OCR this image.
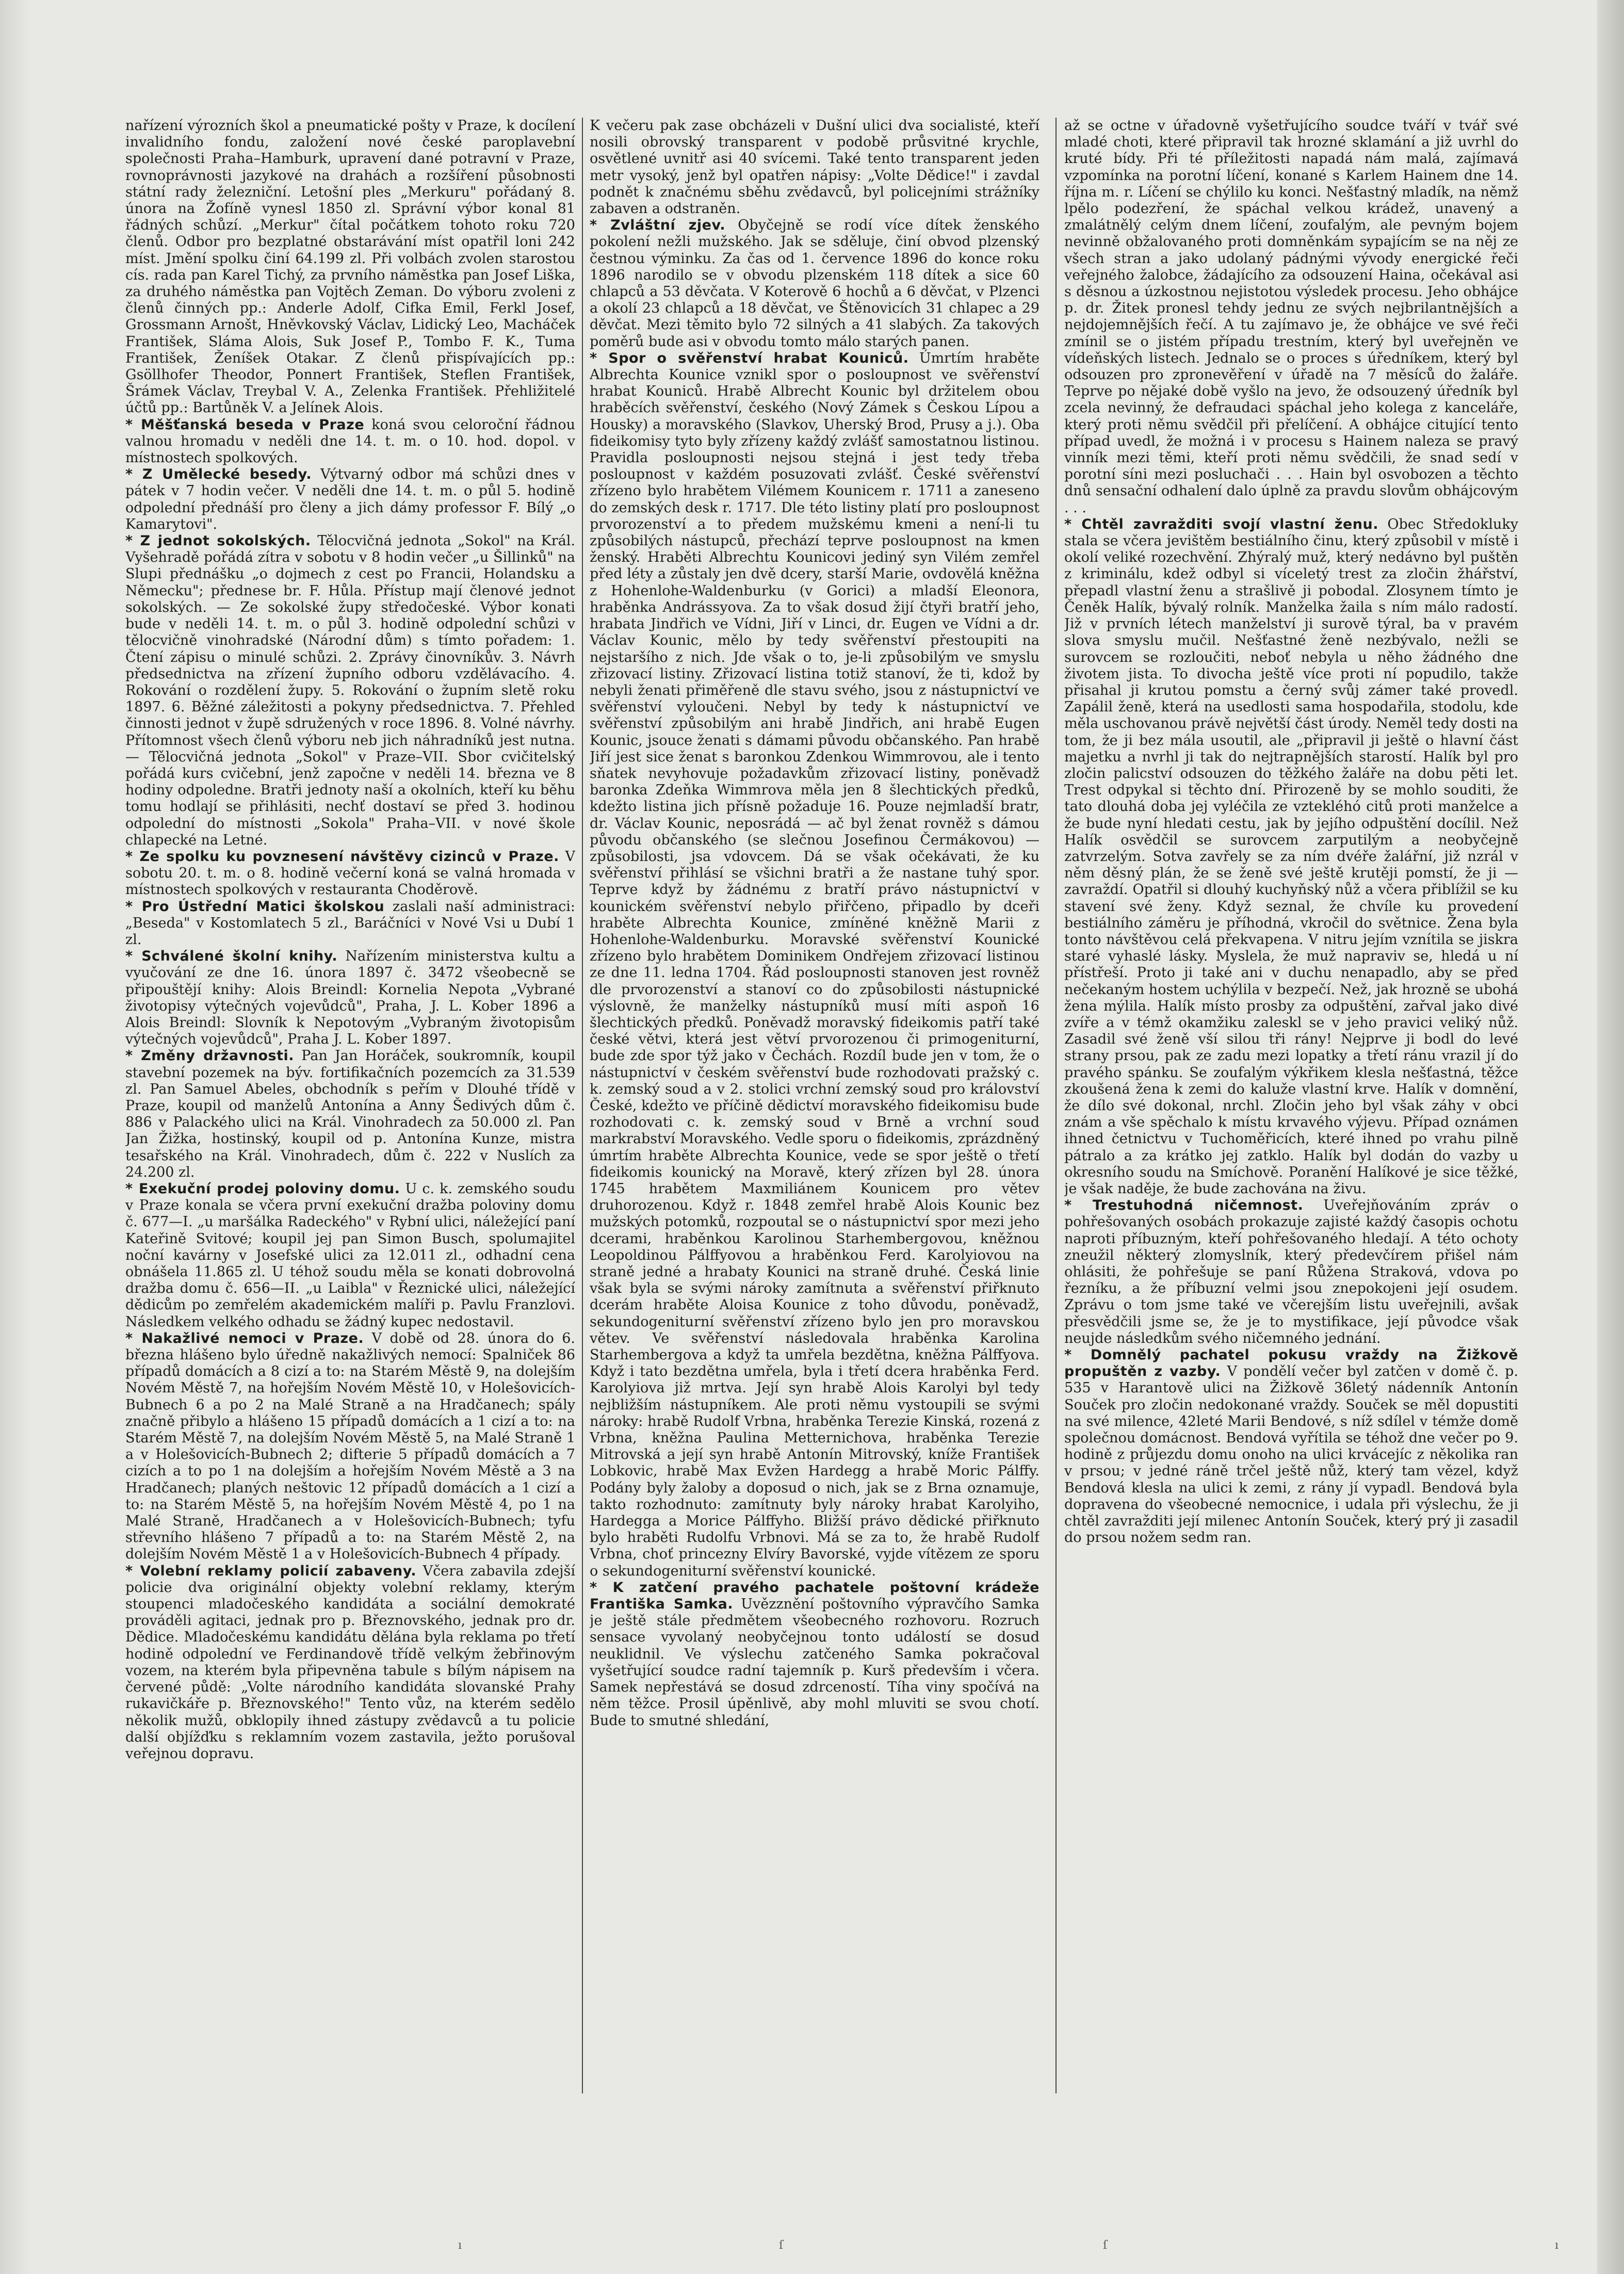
nařízení výrozních škol a pneumatické pošty v Praze, k docílení invalidního fondu, založení nové české paroplavební společnosti Praha–Hamburk, upravení dané potravní v Praze, rovnoprávnosti jazykové na drahách a rozšíření působnosti státní rady železniční. Letošní ples „Merkuru" pořádaný 8. února na Žofíně vynesl 1850 zl. Správní výbor konal 81 řádných schůzí. „Merkur" čítal počátkem tohoto roku 720 členů. Odbor pro bezplatné obstarávání míst opatřil loni 242 míst. Jmění spolku činí 64.199 zl. Při volbách zvolen starostou cís. rada pan Karel Tichý, za prvního náměstka pan Josef Liška, za druhého náměstka pan Vojtěch Zeman. Do výboru zvoleni z členů činných pp.: Anderle Adolf, Cifka Emil, Ferkl Josef, Grossmann Arnošt, Hněvkovský Václav, Lidický Leo, Macháček František, Sláma Alois, Suk Josef P., Tombo F. K., Tuma František, Ženíšek Otakar. Z členů přispívajících pp.: Gsöllhofer Theodor, Ponnert František, Steflen František, Šrámek Václav, Treybal V. A., Zelenka František. Přehližitelé účtů pp.: Bartůněk V. a Jelínek Alois.

* Měšťanská beseda v Praze koná svou celoroční řádnou valnou hromadu v neděli dne 14. t. m. o 10. hod. dopol. v místnostech spolkových.

* Z Umělecké besedy. Výtvarný odbor má schůzi dnes v pátek v 7 hodin večer. V neděli dne 14. t. m. o půl 5. hodině odpolední přednáší pro členy a jich dámy professor F. Bílý „o Kamarytovi".

* Z jednot sokolských. Tělocvičná jednota „Sokol" na Král. Vyšehradě pořádá zítra v sobotu v 8 hodin večer „u Šillinků" na Slupi přednášku „o dojmech z cest po Francii, Holandsku a Německu"; přednese br. F. Hůla. Přístup mají členové jednot sokolských. — Ze sokolské župy středočeské. Výbor konati bude v neděli 14. t. m. o půl 3. hodině odpolední schůzi v tělocvičně vinohradské (Národní dům) s tímto pořadem: 1. Čtení zápisu o minulé schůzi. 2. Zprávy činovníkův. 3. Návrh předsednictva na zřízení župního odboru vzdělávacího. 4. Rokování o rozdělení župy. 5. Rokování o župním sletě roku 1897. 6. Běžné záležitosti a pokyny předsednictva. 7. Přehled činnosti jednot v župě sdružených v roce 1896. 8. Volné návrhy. Přítomnost všech členů výboru neb jich náhradníků jest nutna. — Tělocvičná jednota „Sokol" v Praze–VII. Sbor cvičitelský pořádá kurs cvičební, jenž započne v neděli 14. března ve 8 hodiny odpoledne. Bratři jednoty naší a okolních, kteří ku běhu tomu hodlají se přihlásiti, nechť dostaví se před 3. hodinou odpolední do místnosti „Sokola" Praha–VII. v nové škole chlapecké na Letné.

* Ze spolku ku povznesení návštěvy cizinců v Praze. V sobotu 20. t. m. o 8. hodině večerní koná se valná hromada v místnostech spolkových v restauranta Choděrově.

* Pro Ústřední Matici školskou zaslali naší administraci: „Beseda" v Kostomlatech 5 zl., Baráčníci v Nové Vsi u Dubí 1 zl.

* Schválené školní knihy. Nařízením ministerstva kultu a vyučování ze dne 16. února 1897 č. 3472 všeobecně se připouštějí knihy: Alois Breindl: Kornelia Nepota „Vybrané životopisy výtečných vojevůdců", Praha, J. L. Kober 1896 a Alois Breindl: Slovník k Nepotovým „Vybraným životopisům výtečných vojevůdců", Praha J. L. Kober 1897.

* Změny državnosti. Pan Jan Horáček, soukromník, koupil stavební pozemek na býv. fortifikačních pozemcích za 31.539 zl. Pan Samuel Abeles, obchodník s peřím v Dlouhé třídě v Praze, koupil od manželů Antonína a Anny Šedivých dům č. 886 v Palackého ulici na Král. Vinohradech za 50.000 zl. Pan Jan Žižka, hostinský, koupil od p. Antonína Kunze, mistra tesařského na Král. Vinohradech, dům č. 222 v Nuslích za 24.200 zl.

* Exekuční prodej poloviny domu. U c. k. zemského soudu v Praze konala se včera první exekuční dražba poloviny domu č. 677—I. „u maršálka Radeckého" v Rybní ulici, náležející paní Kateřině Svitové; koupil jej pan Simon Busch, spolumajitel noční kavárny v Josefské ulici za 12.011 zl., odhadní cena obnášela 11.865 zl. U téhož soudu měla se konati dobrovolná dražba domu č. 656—II. „u Laibla" v Řeznické ulici, náležející dědicům po zemřelém akademickém malíři p. Pavlu Franzlovi. Následkem velkého odhadu se žádný kupec nedostavil.

* Nakažlivé nemoci v Praze. V době od 28. února do 6. března hlášeno bylo úředně nakažlivých nemocí: Spalniček 86 případů domácích a 8 cizí a to: na Starém Městě 9, na dolejším Novém Městě 7, na hořejším Novém Městě 10, v Holešovicích-Bubnech 6 a po 2 na Malé Straně a na Hradčanech; spály značně přibylo a hlášeno 15 případů domácích a 1 cizí a to: na Starém Městě 7, na dolejším Novém Městě 5, na Malé Straně 1 a v Holešovicích-Bubnech 2; difterie 5 případů domácích a 7 cizích a to po 1 na dolejším a hořejším Novém Městě a 3 na Hradčanech; planých neštovic 12 případů domácích a 1 cizí a to: na Starém Městě 5, na hořejším Novém Městě 4, po 1 na Malé Straně, Hradčanech a v Holešovicích-Bubnech; tyfu střevního hlášeno 7 případů a to: na Starém Městě 2, na dolejším Novém Městě 1 a v Holešovicích-Bubnech 4 případy.

* Volební reklamy policií zabaveny. Včera zabavila zdejší policie dva originální objekty volební reklamy, kterým stoupenci mladočeského kandidáta a sociální demokraté prováděli agitaci, jednak pro p. Březnovského, jednak pro dr. Dědice. Mladočeskému kandidátu dělána byla reklama po třetí hodině odpolední ve Ferdinandově třídě velkým žebřinovým vozem, na kterém byla připevněna tabule s bílým nápisem na červené půdě: „Volte národního kandidáta slovanské Prahy rukavičkáře p. Březnovského!" Tento vůz, na kterém sedělo několik mužů, obklopily ihned zástupy zvědavců a tu policie další objížďku s reklamním vozem zastavila, ježto porušoval veřejnou dopravu.

K večeru pak zase obcházeli v Dušní ulici dva socialisté, kteří nosili obrovský transparent v podobě průsvitné krychle, osvětlené uvnitř asi 40 svícemi. Také tento transparent jeden metr vysoký, jenž byl opatřen nápisy: „Volte Dědice!" i zavdal podnět k značnému sběhu zvědavců, byl policejními strážníky zabaven a odstraněn.

* Zvláštní zjev. Obyčejně se rodí více dítek ženského pokolení nežli mužského. Jak se sděluje, činí obvod plzenský čestnou výminku. Za čas od 1. července 1896 do konce roku 1896 narodilo se v obvodu plzenském 118 dítek a sice 60 chlapců a 53 děvčata. V Koterově 6 hochů a 6 děvčat, v Plzenci a okolí 23 chlapců a 18 děvčat, ve Štěnovicích 31 chlapec a 29 děvčat. Mezi těmito bylo 72 silných a 41 slabých. Za takových poměrů bude asi v obvodu tomto málo starých panen.

* Spor o svěřenství hrabat Kouniců. Úmrtím hraběte Albrechta Kounice vznikl spor o posloupnost ve svěřenství hrabat Kouniců. Hrabě Albrecht Kounic byl držitelem obou hraběcích svěřenství, českého (Nový Zámek s Českou Lípou a Housky) a moravského (Slavkov, Uherský Brod, Prusy a j.). Oba fideikomisy tyto byly zřízeny každý zvlášť samostatnou listinou. Pravidla posloupnosti nejsou stejná i jest tedy třeba posloupnost v každém posuzovati zvlášť. České svěřenství zřízeno bylo hrabětem Vilémem Kounicem r. 1711 a zaneseno do zemských desk r. 1717. Dle této listiny platí pro posloupnost prvorozenství a to předem mužskému kmeni a není-li tu způsobilých nástupců, přechází teprve posloupnost na kmen ženský. Hraběti Albrechtu Kounicovi jediný syn Vilém zemřel před léty a zůstaly jen dvě dcery, starší Marie, ovdovělá kněžna z Hohenlohe-Waldenburku (v Gorici) a mladší Eleonora, hraběnka Andrássyova. Za to však dosud žijí čtyři bratří jeho, hrabata Jindřich ve Vídni, Jiří v Linci, dr. Eugen ve Vídni a dr. Václav Kounic, mělo by tedy svěřenství přestoupiti na nejstaršího z nich. Jde však o to, je-li způsobilým ve smyslu zřizovací listiny. Zřizovací listina totiž stanoví, že ti, kdož by nebyli ženati přiměřeně dle stavu svého, jsou z nástupnictví ve svěřenství vyloučeni. Nebyl by tedy k nástupnictví ve svěřenství způsobilým ani hrabě Jindřich, ani hrabě Eugen Kounic, jsouce ženati s dámami původu občanského. Pan hrabě Jiří jest sice ženat s baronkou Zdenkou Wimmrovou, ale i tento sňatek nevyhovuje požadavkům zřizovací listiny, poněvadž baronka Zdeňka Wimmrova měla jen 8 šlechtických předků, kdežto listina jich přísně požaduje 16. Pouze nejmladší bratr, dr. Václav Kounic, neposrádá — ač byl ženat rovněž s dámou původu občanského (se slečnou Josefinou Čermákovou) — způsobilosti, jsa vdovcem. Dá se však očekávati, že ku svěřenství přihlásí se všichni bratři a že nastane tuhý spor. Teprve když by žádnému z bratří právo nástupnictví v kounickém svěřenství nebylo přiřčeno, připadlo by dceři hraběte Albrechta Kounice, zmíněné kněžně Marii z Hohenlohe-Waldenburku. Moravské svěřenství Kounické zřízeno bylo hrabětem Dominikem Ondřejem zřizovací listinou ze dne 11. ledna 1704. Řád posloupnosti stanoven jest rovněž dle prvorozenství a stanoví co do způsobilosti nástupnické výslovně, že manželky nástupníků musí míti aspoň 16 šlechtických předků. Poněvadž moravský fideikomis patří také české větvi, která jest větví prvorozenou či primogeniturní, bude zde spor týž jako v Čechách. Rozdíl bude jen v tom, že o nástupnictví v českém svěřenství bude rozhodovati pražský c. k. zemský soud a v 2. stolici vrchní zemský soud pro království České, kdežto ve příčině dědictví moravského fideikomisu bude rozhodovati c. k. zemský soud v Brně a vrchní soud markrabství Moravského. Vedle sporu o fideikomis, zprázdněný úmrtím hraběte Albrechta Kounice, vede se spor ještě o třetí fideikomis kounický na Moravě, který zřízen byl 28. února 1745 hrabětem Maxmiliánem Kounicem pro větev druhorozenou. Když r. 1848 zemřel hrabě Alois Kounic bez mužských potomků, rozpoutal se o nástupnictví spor mezi jeho dcerami, hraběnkou Karolinou Starhembergovou, kněžnou Leopoldinou Pálffyovou a hraběnkou Ferd. Karolyiovou na straně jedné a hrabaty Kounici na straně druhé. Česká linie však byla se svými nároky zamítnuta a svěřenství přiřknuto dcerám hraběte Aloisa Kounice z toho důvodu, poněvadž, sekundogeniturní svěřenství zřízeno bylo jen pro moravskou větev. Ve svěřenství následovala hraběnka Karolina Starhembergova a když ta umřela bezdětna, kněžna Pálffyova. Když i tato bezdětna umřela, byla i třetí dcera hraběnka Ferd. Karolyiova již mrtva. Její syn hrabě Alois Karolyi byl tedy nejbližším nástupníkem. Ale proti němu vystoupili se svými nároky: hrabě Rudolf Vrbna, hraběnka Terezie Kinská, rozená z Vrbna, kněžna Paulina Metternichova, hraběnka Terezie Mitrovská a její syn hrabě Antonín Mitrovský, kníže František Lobkovic, hrabě Max Evžen Hardegg a hrabě Moric Pálffy. Podány byly žaloby a doposud o nich, jak se z Brna oznamuje, takto rozhodnuto: zamítnuty byly nároky hrabat Karolyiho, Hardegga a Morice Pálffyho. Bližší právo dědické přiřknuto bylo hraběti Rudolfu Vrbnovi. Má se za to, že hrabě Rudolf Vrbna, choť princezny Elvíry Bavorské, vyjde vítězem ze sporu o sekundogeniturní svěřenství kounické.

* K zatčení pravého pachatele poštovní krádeže Františka Samka. Uvězznění poštovního výpravčího Samka je ještě stále předmětem všeobecného rozhovoru. Rozruch sensace vyvolaný neobyčejnou tonto událostí se dosud neuklidnil. Ve výslechu zatčeného Samka pokračoval vyšetřující soudce radní tajemník p. Kurš především i včera. Samek nepřestává se dosud zdrceností. Tíha viny spočívá na něm těžce. Prosil úpěnlivě, aby mohl mluviti se svou chotí. Bude to smutné shledání,

až se octne v úřadovně vyšetřujícího soudce tváří v tvář své mladé choti, které připravil tak hrozné sklamání a již uvrhl do kruté bídy. Při té příležitosti napadá nám malá, zajímavá vzpomínka na porotní líčení, konané s Karlem Hainem dne 14. října m. r. Líčení se chýlilo ku konci. Nešťastný mladík, na němž lpělo podezření, že spáchal velkou krádež, unavený a zmalátnělý celým dnem líčení, zoufalým, ale pevným bojem nevinně obžalovaného proti domněnkám sypajícím se na něj ze všech stran a jako udolaný pádnými vývody energické řeči veřejného žalobce, žádajícího za odsouzení Haina, očekával asi s děsnou a úzkostnou nejistotou výsledek procesu. Jeho obhájce p. dr. Žitek pronesl tehdy jednu ze svých nejbrilantnějších a nejdojemnějších řečí. A tu zajímavo je, že obhájce ve své řeči zmínil se o jistém případu trestním, který byl uveřejněn ve vídeňských listech. Jednalo se o proces s úředníkem, který byl odsouzen pro zpronevěření v úřadě na 7 měsíců do žaláře. Teprve po nějaké době vyšlo na jevo, že odsouzený úředník byl zcela nevinný, že defraudaci spáchal jeho kolega z kanceláře, který proti němu svědčil při přelíčení. A obhájce citující tento případ uvedl, že možná i v procesu s Hainem naleza se pravý vinník mezi těmi, kteří proti němu svědčili, že snad sedí v porotní síni mezi posluchači . . . Hain byl osvobozen a těchto dnů sensační odhalení dalo úplně za pravdu slovům obhájcovým . . .

* Chtěl zavražditi svojí vlastní ženu. Obec Středokluky stala se včera jevištěm bestiálního činu, který způsobil v místě i okolí veliké rozechvění. Zhýralý muž, který nedávno byl puštěn z kriminálu, kdež odbyl si víceletý trest za zločin žhářství, přepadl vlastní ženu a strašlivě ji pobodal. Zlosynem tímto je Čeněk Halík, bývalý rolník. Manželka žaila s ním málo radostí. Již v prvních létech manželství ji surově týral, ba v pravém slova smyslu mučil. Nešťastné ženě nezbývalo, nežli se surovcem se rozloučiti, neboť nebyla u něho žádného dne životem jista. To divocha ještě více proti ní popudilo, takže přisahal ji krutou pomstu a černý svůj zámer také provedl. Zapálil ženě, která na usedlosti sama hospodařila, stodolu, kde měla uschovanou právě největší část úrody. Neměl tedy dosti na tom, že ji bez mála usoutil, ale „připravil ji ještě o hlavní část majetku a nvrhl ji tak do nejtrapnějších starostí. Halík byl pro zločin palicství odsouzen do těžkého žaláře na dobu pěti let. Trest odpykal si těchto dní. Přirozeně by se mohlo souditi, že tato dlouhá doba jej vyléčila ze vztekléhó citů proti manželce a že bude nyní hledati cestu, jak by jejího odpuštění docílil. Než Halík osvědčil se surovcem zarputilým a neobyčejně zatvrzelým. Sotva zavřely se za ním dvéře žalářní, již nzrál v něm děsný plán, že se ženě své ještě krutěji pomstí, že ji — zavraždí. Opatřil si dlouhý kuchyňský nůž a včera přiblížil se ku stavení své ženy. Když seznal, že chvíle ku provedení bestiálního záměru je příhodná, vkročil do světnice. Žena byla tonto návštěvou celá překvapena. V nitru jejím vznítila se jiskra staré vyhaslé lásky. Myslela, že muž napraviv se, hledá u ní přístřeší. Proto ji také ani v duchu nenapadlo, aby se před nečekaným hostem uchýlila v bezpečí. Než, jak hrozně se ubohá žena mýlila. Halík místo prosby za odpuštění, zařval jako divé zvíře a v témž okamžiku zaleskl se v jeho pravici veliký nůž. Zasadil své ženě vší silou tři rány! Nejprve ji bodl do levé strany prsou, pak ze zadu mezi lopatky a třetí ránu vrazil jí do pravého spánku. Se zoufalým výkřikem klesla nešťastná, těžce zkoušená žena k zemi do kaluže vlastní krve. Halík v domnění, že dílo své dokonal, nrchl. Zločin jeho byl však záhy v obci znám a vše spěchalo k místu krvavého výjevu. Případ oznámen ihned četnictvu v Tuchoměřicích, které ihned po vrahu pilně pátralo a za krátko jej zatklo. Halík byl dodán do vazby u okresního soudu na Smíchově. Poranění Halíkové je sice těžké, je však naděje, že bude zachována na živu.

* Trestuhodná ničemnost. Uveřejňováním zpráv o pohřešovaných osobách prokazuje zajisté každý časopis ochotu naproti příbuzným, kteří pohřešovaného hledají. A této ochoty zneužil některý zlomyslník, který předevčírem přišel nám ohlásiti, že pohřešuje se paní Růžena Straková, vdova po řezníku, a že příbuzní velmi jsou znepokojeni její osudem. Zprávu o tom jsme také ve včerejším listu uveřejnili, avšak přesvědčili jsme se, že je to mystifikace, její původce však neujde následkům svého ničemného jednání.

* Domnělý pachatel pokusu vraždy na Žižkově propuštěn z vazby. V pondělí večer byl zatčen v domě č. p. 535 v Harantově ulici na Žižkově 36letý nádenník Antonín Souček pro zločin nedokonané vraždy. Souček se měl dopustiti na své milence, 42leté Marii Bendové, s níž sdílel v témže domě společnou domácnost. Bendová vyřítila se téhož dne večer po 9. hodině z průjezdu domu onoho na ulici krvácejíc z několika ran v prsou; v jedné ráně trčel ještě nůž, který tam vězel, když Bendová klesla na ulici k zemi, z rány jí vypadl. Bendová byla dopravena do všeobecné nemocnice, i udala při výslechu, že ji chtěl zavražditi její milenec Antonín Souček, který prý ji zasadil do prsou nožem sedm ran.

ı	ſ	ſ	ı
